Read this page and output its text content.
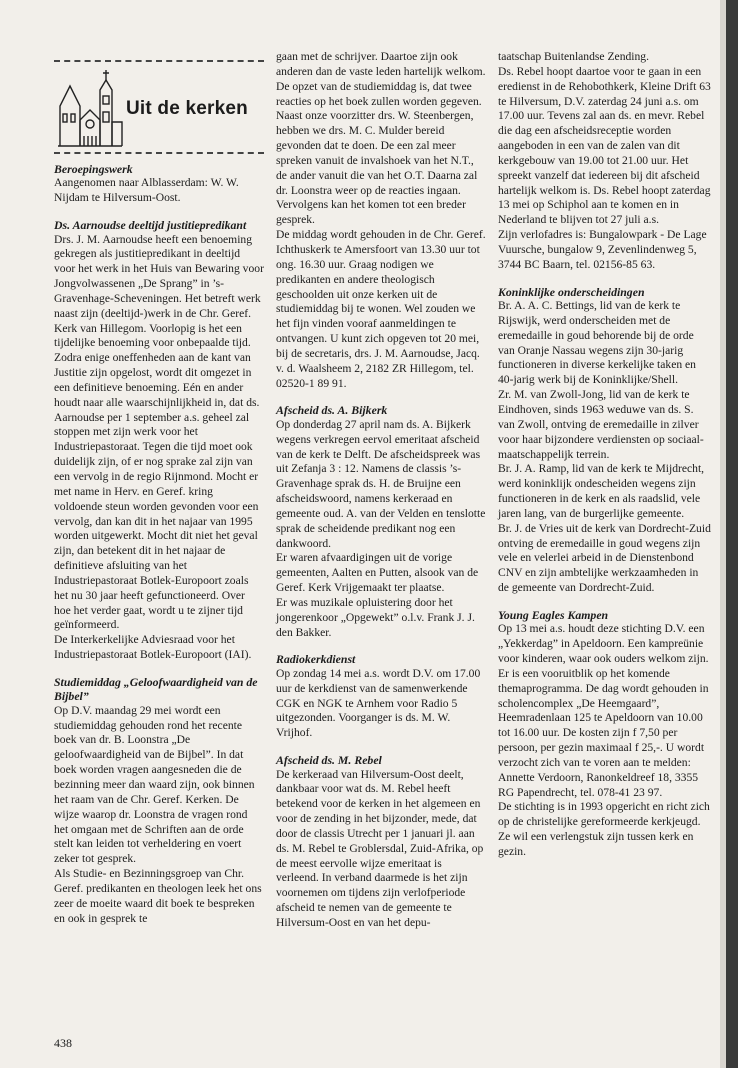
Uit de kerken
Beroepingswerk

Aangenomen naar Alblasserdam: W. W. Nijdam te Hilversum-Oost.

Ds. Aarnoudse deeltijd justitiepredikant

Drs. J. M. Aarnoudse heeft een benoeming gekregen als justitiepredikant in deeltijd voor het werk in het Huis van Bewaring voor Jongvolwassenen „De Sprang” in ’s-Gravenhage-Scheveningen. Het betreft werk naast zijn (deeltijd-)werk in de Chr. Geref. Kerk van Hillegom. Voorlopig is het een tijdelijke benoeming voor onbepaalde tijd. Zodra enige oneffenheden aan de kant van Justitie zijn opgelost, wordt dit omgezet in een definitieve benoeming. Eén en ander houdt naar alle waarschijnlijkheid in, dat ds. Aarnoudse per 1 september a.s. geheel zal stoppen met zijn werk voor het Industriepastoraat. Tegen die tijd moet ook duidelijk zijn, of er nog sprake zal zijn van een vervolg in de regio Rijnmond. Mocht er met name in Herv. en Geref. kring voldoende steun worden gevonden voor een vervolg, dan kan dit in het najaar van 1995 worden uitgewerkt. Mocht dit niet het geval zijn, dan betekent dit in het najaar de definitieve afsluiting van het Industriepastoraat Botlek-Europoort zoals het nu 30 jaar heeft gefunctioneerd. Over hoe het verder gaat, wordt u te zijner tijd geïnformeerd.

De Interkerkelijke Adviesraad voor het Industriepastoraat Botlek-Europoort (IAI).

Studiemiddag „Geloofwaardigheid van de Bijbel”

Op D.V. maandag 29 mei wordt een studiemiddag gehouden rond het recente boek van dr. B. Loonstra „De geloofwaardigheid van de Bijbel”. In dat boek worden vragen aangesneden die de bezinning meer dan waard zijn, ook binnen het raam van de Chr. Geref. Kerken. De wijze waarop dr. Loonstra de vragen rond het omgaan met de Schriften aan de orde stelt kan leiden tot verheldering en voert zeker tot gesprek.

Als Studie- en Bezinningsgroep van Chr. Geref. predikanten en theologen leek het ons zeer de moeite waard dit boek te bespreken en ook in gesprek te

gaan met de schrijver. Daartoe zijn ook anderen dan de vaste leden hartelijk welkom. De opzet van de studiemiddag is, dat twee reacties op het boek zullen worden gegeven. Naast onze voorzitter drs. W. Steenbergen, hebben we drs. M. C. Mulder bereid gevonden dat te doen. De een zal meer spreken vanuit de invalshoek van het N.T., de ander vanuit die van het O.T. Daarna zal dr. Loonstra weer op de reacties ingaan. Vervolgens kan het komen tot een breder gesprek.

De middag wordt gehouden in de Chr. Geref. Ichthuskerk te Amersfoort van 13.30 uur tot ong. 16.30 uur. Graag nodigen we predikanten en andere theologisch geschoolden uit onze kerken uit de studiemiddag bij te wonen. Wel zouden we het fijn vinden vooraf aanmeldingen te ontvangen. U kunt zich opgeven tot 20 mei, bij de secretaris, drs. J. M. Aarnoudse, Jacq. v. d. Waalsheem 2, 2182 ZR Hillegom, tel. 02520-1 89 91.

Afscheid ds. A. Bijkerk

Op donderdag 27 april nam ds. A. Bijkerk wegens verkregen eervol emeritaat afscheid van de kerk te Delft. De afscheidspreek was uit Zefanja 3 : 12. Namens de classis ’s-Gravenhage sprak ds. H. de Bruijne een afscheidswoord, namens kerkeraad en gemeente oud. A. van der Velden en tenslotte sprak de scheidende predikant nog een dankwoord.

Er waren afvaardigingen uit de vorige gemeenten, Aalten en Putten, alsook van de Geref. Kerk Vrijgemaakt ter plaatse.

Er was muzikale opluistering door het jongerenkoor „Opgewekt” o.l.v. Frank J. J. den Bakker.

Radiokerkdienst

Op zondag 14 mei a.s. wordt D.V. om 17.00 uur de kerkdienst van de samenwerkende CGK en NGK te Arnhem voor Radio 5 uitgezonden. Voorganger is ds. M. W. Vrijhof.

Afscheid ds. M. Rebel

De kerkeraad van Hilversum-Oost deelt, dankbaar voor wat ds. M. Rebel heeft betekend voor de kerken in het algemeen en voor de zending in het bijzonder, mede, dat door de classis Utrecht per 1 januari jl. aan ds. M. Rebel te Groblersdal, Zuid-Afrika, op de meest eervolle wijze emeritaat is verleend. In verband daarmede is het zijn voornemen om tijdens zijn verlofperiode afscheid te nemen van de gemeente te Hilversum-Oost en van het depu-

taatschap Buitenlandse Zending.

Ds. Rebel hoopt daartoe voor te gaan in een eredienst in de Rehobothkerk, Kleine Drift 63 te Hilversum, D.V. zaterdag 24 juni a.s. om 17.00 uur. Tevens zal aan ds. en mevr. Rebel die dag een afscheidsreceptie worden aangeboden in een van de zalen van dit kerkgebouw van 19.00 tot 21.00 uur. Het spreekt vanzelf dat iedereen bij dit afscheid hartelijk welkom is. Ds. Rebel hoopt zaterdag 13 mei op Schiphol aan te komen en in Nederland te blijven tot 27 juli a.s.

Zijn verlofadres is: Bungalowpark - De Lage Vuursche, bungalow 9, Zevenlindenweg 5, 3744 BC Baarn, tel. 02156-85 63.

Koninklijke onderscheidingen

Br. A. A. C. Bettings, lid van de kerk te Rijswijk, werd onderscheiden met de eremedaille in goud behorende bij de orde van Oranje Nassau wegens zijn 30-jarig functioneren in diverse kerkelijke taken en 40-jarig werk bij de Koninklijke/Shell.

Zr. M. van Zwoll-Jong, lid van de kerk te Eindhoven, sinds 1963 weduwe van ds. S. van Zwoll, ontving de eremedaille in zilver voor haar bijzondere verdiensten op sociaal-maatschappelijk terrein.

Br. J. A. Ramp, lid van de kerk te Mijdrecht, werd koninklijk ondescheiden wegens zijn functioneren in de kerk en als raadslid, vele jaren lang, van de burgerlijke gemeente.

Br. J. de Vries uit de kerk van Dordrecht-Zuid ontving de eremedaille in goud wegens zijn vele en velerlei arbeid in de Dienstenbond CNV en zijn ambtelijke werkzaamheden in de gemeente van Dordrecht-Zuid.

Young Eagles Kampen

Op 13 mei a.s. houdt deze stichting D.V. een „Yekkerdag” in Apeldoorn. Een kampreünie voor kinderen, waar ook ouders welkom zijn.

Er is een vooruitblik op het komende themaprogramma. De dag wordt gehouden in scholencomplex „De Heemgaard”, Heemradenlaan 125 te Apeldoorn van 10.00 tot 16.00 uur. De kosten zijn f 7,50 per persoon, per gezin maximaal f 25,-. U wordt verzocht zich van te voren aan te melden: Annette Verdoorn, Ranonkeldreef 18, 3355 RG Papendrecht, tel. 078-41 23 97.

De stichting is in 1993 opgericht en richt zich op de christelijke gereformeerde kerkjeugd. Ze wil een verlengstuk zijn tussen kerk en gezin.

438
